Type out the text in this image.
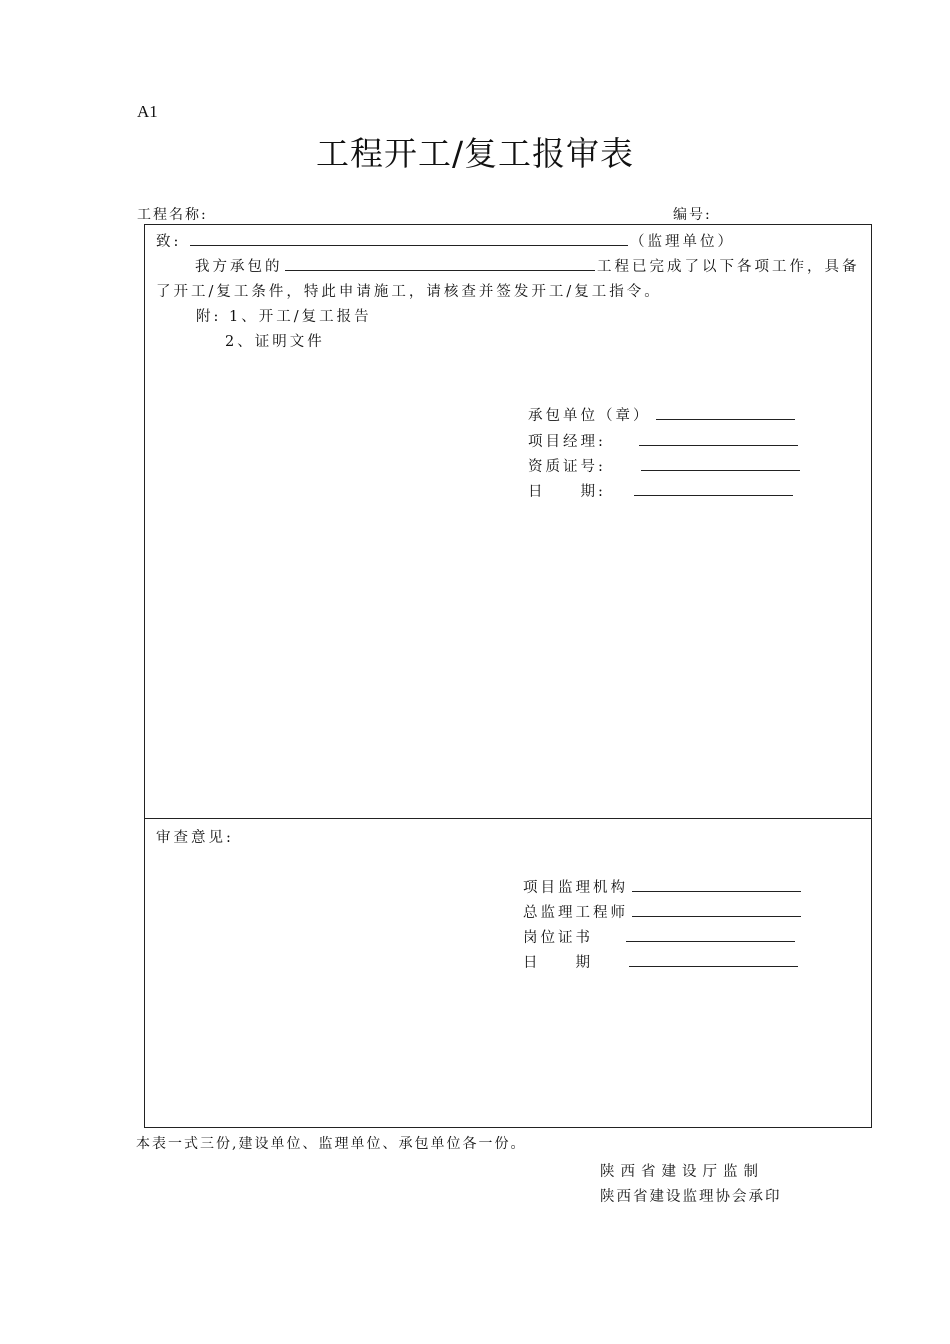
A1
工程开工/复工报审表
工程名称:	编号:
致:	（监理单位）
我方承包的	工程已完成了以下各项工作，具备
了开工/复工条件，特此申请施工，请核查并签发开工/复工指令。
附: 1、开工/复工报告
2、证明文件
承包单位（章）
项目经理:
资质证号:
日　　期:
审查意见:
项目监理机构
总监理工程师
岗位证书
日　　期
本表一式三份,建设单位、监理单位、承包单位各一份。
陕西省建设厅监制
陕西省建设监理协会承印
